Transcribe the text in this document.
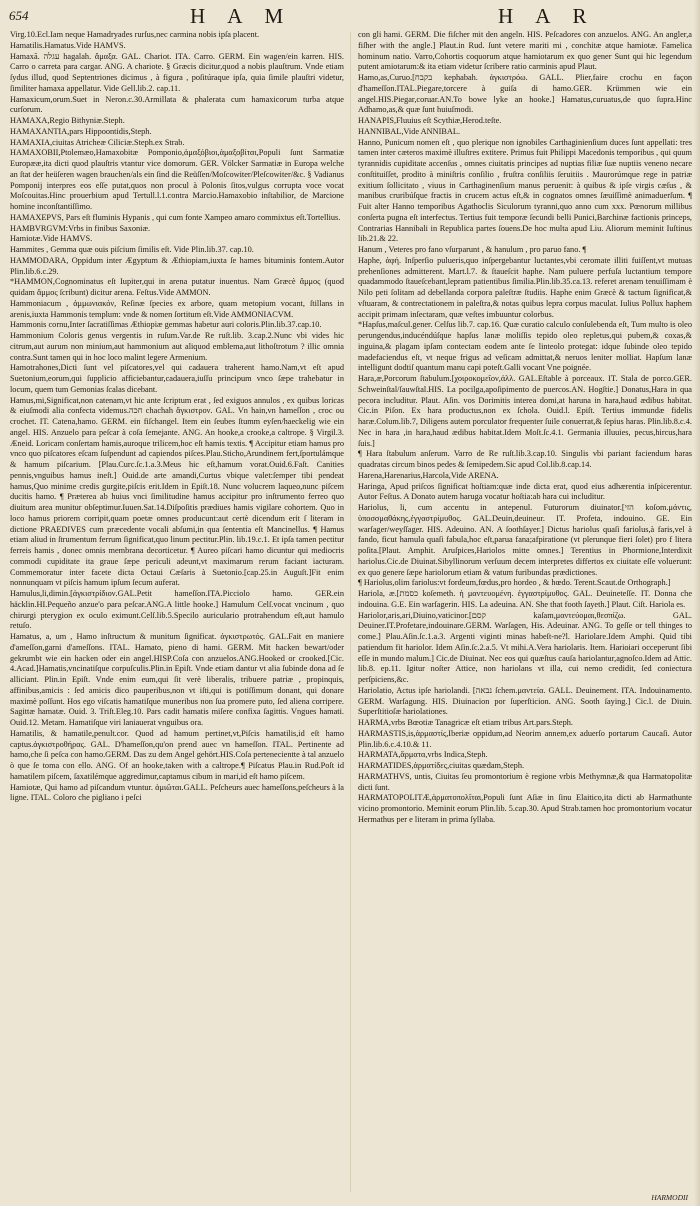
654	H A M	H A R

Virg.10.Ecl.Iam neque Hamadryades rurſus,nec carmina nobis ipſa placent.

Hamatilis.Hamatus.Vide HAMVS.

Hamaxā. עגלה hagalah. ἅμαξα. GAL. Chariot. ITA. Carro. GERM. Ein wagen/ein karren. HIS. Carro o carreta para cargar. ANG. A chariote. § Græcis dicitur,quod a nobis plauſtrum. Vnde etiam ſydus illud, quod Septentriones dicimus , à figura , poſitúraque ipſa, quia ſimile plauſtri videtur, ſimiliter hamaxa appellatur. Vide Gell.lib.2. cap.11.

Hamaxicum,orum.Suet in Neron.c.30.Armillata & phalerata cum hamaxicorum turba atque curſorum.

HAMAXA,Regio Bithyniæ.Steph.

HAMAXANTIA,pars Hippoontidis,Steph.

HAMAXIA,ciuitas Atricheæ Ciliciæ.Steph.ex Strab.

HAMAXOBII,Ptolemæo,Hamaxobitæ Pomponio,ἁμαξόβιοι,ἁμαξοβίται,Populi ſunt Sarmatiæ Europææ,ita dicti quod plauſtris vtantur vice domorum. GER. Völcker Sarmatiæ in Europa welche an ſtat der heüſeren wagen brauchen/als ein ſind die Reüſſen/Moſcowiter/Pleſcowiter/&c. § Vadianus Pomponij interpres eos eſſe putat,quos non procul à Polonis ſitos,vulgus corrupta voce vocat Moſcouitas.Hinc prouerbium apud Tertull.l.1.contra Marcio.Hamaxobio inſtabilior, de Marcione homine inconſtantiſſimo.

HAMAXEPVS, Pars eſt fluminis Hypanis , qui cum fonte Xampeo amaro commixtus eſt.Tortellius.

HAMBVRGVM:Vrbs in finibus Saxoniæ.

Hamiotæ.Vide HAMVS.

Hammites , Gemma quæ ouis piſcium ſimilis eſt. Vide Plin.lib.37. cap.10.

HAMMODARA, Oppidum inter Ægyptum & Æthiopiam,iuxta ſe hames bituminis fontem.Autor Plin.lib.6.c.29.

*HAMMON,Cognominatus eſt Iupiter,qui in arena putatur inuentus. Nam Græcè ἄμμος (quod quidam ἄμμος ſcribunt) dicitur arena. Feſtus.Vide AMMON.

Hammoniacum , ἀμμωνιακόν, Reſinæ ſpecies ex arbore, quam metopium vocant, ſtillans in arenis,iuxta Hammonis templum: vnde & nomen ſortitum eſt.Vide AMMONIACVM.

Hammonis cornu,Inter ſacratiſſimas Æthiopiæ gemmas habetur auri coloris.Plin.lib.37.cap.10.

Hammonium Coloris genus vergentis in ruſum.Var.de Re ruſt.lib. 3.cap.2.Nunc vbi vides hic citrum,aut aurum non minium,aut hammonium aut aliquod emblema,aut lithoſtrotum ? illic omnia contra.Sunt tamen qui in hoc loco malint legere Armenium.

Hamotrahones,Dicti ſunt vel piſcatores,vel qui cadauera traherent hamo.Nam,vt eſt apud Suetonium,eorum,qui ſupplicio afficiebantur,cadauera,iuſſu principum vnco ſæpe trahebatur in locum, quem tum Gemonias ſcalas dicebant.

Hamus,mi,Significat,non catenam,vt hic ante ſcriptum erat , ſed exiguos annulos , ex quibus loricas & eiuſmodi alia confecta videmus.חכה chachah ἄγκιστρον. GAL. Vn hain,vn hameſſon , croc ou crochet. IT. Catena,hamo. GERM. ein fiſchangel. Item ein ſeubes ſtumm eyſen/haeckelig wie ein angel. HIS. Anzuelo para peſcar à coſa ſemejante. ANG. An hooke,a crooke,a caltrope. § Virgil.3. Æneid. Loricam conſertam hamis,auroque trilicem,hoc eſt hamis textis. ¶ Accipitur etiam hamus pro vnco quo piſcatores eſcam ſuſpendunt ad capiendos piſces.Plau.Sticho,Arundinem fert,ſportulámque & hamum piſcarium. [Plau.Curc.ſc.1.a.3.Meus hic eſt,hamum vorat.Ouid.6.Faſt. Canities pennis,vnguibus hamus ineſt.] Ouid.de arte amandi,Curtus vbique valet:ſemper tibi pendeat hamus,Quo minime credis gurgite,piſcis erit.Idem in Epiſt.18. Nunc volucrem laqueo,nunc piſcem ducitis hamo. ¶ Præterea ab huius vnci ſimilitudine hamus accipitur pro inſtrumento ferreo quo diuitum area munitur obſeptimur.Iuuen.Sat.14.Diſpoſitis prædiues hamis vigilare cohortem. Quo in loco hamus priorem corripit,quam poetæ omnes producunt:aut certè dicendum erit ſ literam in dictione PRAEDIVES cum præcedente vocali abſumi,in qua ſententia eſt Mancinellus. ¶ Hamus etiam aliud in ſtrumentum ferrum ſignificat,quo linum pectitur.Plin. lib.19.c.1. Et ipſa tamen pectitur ferreis hamis , donec omnis membrana decorticetur. ¶ Aureo piſcari hamo dicuntur qui mediocris commodi cupiditate ita graue ſæpe periculi adeunt,vt maximarum rerum faciant iacturam. Commemoratur inter facete dicta Octaui Cæſaris à Suetonio.[cap.25.in Auguſt.]Fit enim nonnunquam vt piſcis hamum ipſum ſecum auferat.

Hamulus,li,dimin.[ἀγκιστρίδιον.GAL.Petit hameſſon.ITA.Picciolo hamo. GER.ein häcklin.HI.Pequeño anzue'o para peſcar.ANG.A little hooke.] Hamulum Celſ.vocat vncinum , quo chirurgi pterygion ex oculo eximunt.Celſ.lib.5.Specilo auriculario protrahendum eſt,aut hamulo retuſo.

Hamatus, a, um , Hamo inſtructum & munitum ſignificat. ἀγκιστρωτός. GAL.Fait en maniere d'ameſſon,garni d'ameſſons. ITAL. Hamato, pieno di hami. GERM. Mit hacken bewart/oder gekrumbt wie ein hacken oder ein angel.HISP.Coſa con anzuelos.ANG.Hooked or crooked.[Cic. 4.Acad.]Hamatis,vncinatiſque corpuſculis.Plin.in Epiſt. Vnde etiam dantur vt alia ſubinde dona ad ſe alliciant. Plin.in Epiſt. Vnde enim eum,qui ſit verè liberalis, tribuere patriæ , propinquis, affinibus,amicis : ſed amicis dico pauperibus,non vt iſti,qui is potiſſimum donant, qui donare maximè poſſunt. Hos ego viſcatis hamatiſque muneribus non ſua promere puto, ſed aliena corripere. Sagittæ hamatæ. Ouid. 3. Triſt.Eleg.10. Pars cadit hamatis miſere confixa ſagittis. Vngues hamati. Ouid.12. Metam. Hamatiſque viri laniauerat vnguibus ora.

Hamatilis, & hamatile,penult.cor. Quod ad hamum pertinet,vt,Piſcis hamatilis,id eſt hamo captus.ἀγκιστροθήρας. GAL. D'hameſſon,qu'on prend auec vn hameſſon. ITAL. Pertinente ad hamo,che ſi peſca con hamo.GERM. Das zu dem Angel gehört.HIS.Coſa pertenecientte à tal anzuelo ò que ſe toma con ello. ANG. Of an hooke,taken with a caltrope.¶ Piſcatus Plau.in Rud.Poſt id hamatilem piſcem, ſaxatilémque aggredimur,captamus cibum in mari,id eſt hamo piſcem.

Hamiotæ, Qui hamo ad piſcandum vtuntur. ἁμιῶται.GALL. Peſcheurs auec hameſſons,peſcheurs à la ligne. ITAL. Coloro che pigliano i peſci

con gli hami. GERM. Die fiſcher mit den angeln. HIS. Peſcadores con anzuelos. ANG. An angler,a fiſher with the angle.] Plaut.in Rud. ſunt vetere mariti mi , conchitæ atque hamiotæ. Famelica hominum natio. Varro,Cohortis coquorum atque hamiotarum ex quo gener Sunt qui hic legendum putent amiotarum:& ita etiam videtur ſcribere ratio carminis apud Plaut.

Hamo,as,Curuo.[בקבח kephabah. ἀγκιστρόω. GALL. Plier,faire crochu en façon d'hameſſon.ITAL.Piegare,torcere à guiſa di hamo.GER. Krümmen wie ein angel.HIS.Piegar,coruar.AN.To bowe lyke an hooke.] Hamatus,curuatus,de quo ſupra.Hinc Adhamo,as,& quæ ſunt huiuſmodi.

HANAPIS,Fluuius eſt Scythiæ,Herod.teſte.

HANNIBAL,Vide ANNIBAL.

Hanno, Punicum nomen eſt , quo plerique non ignobiles Carthaginienſium duces ſunt appellati: tres tamen inter cæteros maximè illuſtres extitere. Primus fuit Philippi Macedonis temporibus , qui quum tyrannidis cupiditate accenſus , omnes ciuitatis principes ad nuptias filiæ ſuæ nuptiis veneno necare conſtituiſſet, prodito à miniſtris conſilio , fruſtra conſiliis ſeruitiis . Maurorúmque rege in patriæ exitium ſollicitato , viuus in Carthaginenſium manus peruenit: à quibus & ipſe virgis cæſus , & manibus cruribúſque fractis in crucem actus eſt,& in cognatos omnes ſæuiſſimè animaduerſum. ¶ Fuit alter Hanno temporibus Agathoclis Siculorum tyranni,quo anno cum xxx. Pœnorum millibus conſerta pugna eſt interfectus. Tertius fuit temporæ ſecundi belli Punici,Barchinæ factionis princeps, Contrarias Hannibali in Republica partes ſouens.De hoc multa apud Liu. Aliorum meminit Iuſtinus lib.21.& 22.

Hanum , Veteres pro fano vſurparunt , & hanulum , pro paruo fano. ¶

Haphe, ἁφή. Inſperſio pulueris,quo inſpergebantur luctantes,vbi ceromate illiti fuiſſent,vt mutuas prehenſiones admitterent. Mart.l.7. & ſtaueſcit haphe. Nam puluere perfuſa luctantium tempore quadammodo ſtaueſcebant,lepram patientibus ſimilia.Plin.lib.35.ca.13. referet arenam tenuiſſimam è Nilo peti ſolitam ad debellanda corpora paleſtræ ſtudiis. Haphe enim Græcè & tactum ſignificat,& vſtuaram, & contrectationem in paleſtra,& notas quibus lepra corpus maculat. Iulius Pollux haphem accipit primam inſectaram, quæ veſtes imbuuntur colorbus.

*Hapſus,maſcul.gener. Celſus lib.7. cap.16. Quæ curatio calculo conſulebenda eſt, Tum multo is oleo perungendus,inducéndúſque hapſus lanæ moliſſis tepido oleo repletus,qui pubem,& coxas,& inguina,& plagam ipſam contectam eodem ante ſe linteolo protegat: idque ſubinde oleo tepido madefaciendus eſt, vt neque frigus ad veſicam admittat,& neruos leniter molliat. Hapſum lanæ intelligunt dodtiſ quantum manu capi poteſt.Galli vocant Vne poignée.

Hara,æ,Porcorum ſtabulum.[χοιροκομεῖον,ἀλλ. GAL.Eſtable à porceaux. IT. Stala de porco.GER. Schweinſtal/ſauwſtal.HIS. La pocilga,apoſipimento de puercos.AN. Hogſtie.] Donatus,Hara in qua pecora includitur. Plaut. Aſin. vos Dorimitis interea domi,at haruna in hara,haud ædibus habitat. Cic.in Piſon. Ex hara productus,non ex ſchola. Ouid.l. Epiſt. Tertius immundæ fidelis haræ.Colum.lib.7, Diligens autem porculator frequenter ſuile conuerrat,& ſepius haras. Plin.lib.8.c.4. Nec in hara ,in hara,haud ædibus habitat.Idem Moſt.ſc.4.1. Germania illuuies, pecus,hircus,hara ſuis.]

¶ Hara ſtabulum anſerum. Varro de Re ruſt.lib.3.cap.10. Singulis vbi pariant faciendum haras quadratas circum binos pedes & ſemipedem.Sic apud Col.lib.8.cap.14.

Harena,Harenarius,Harcola,Vide ARENA.

Haringa, Apud priſcos ſignificat hoſtiam:quæ inde dicta erat, quod eius adhærentia inſpicerentur. Autor Feſtus. A Donato autem haruga vocatur hoſtia:ab hara cui includitur.

Hariolus, li, cum accentu in antepenul. Futurorum diuinator.[הזי koſom.μάντις, ὑποσσμαθάκης,ἐγγαστρίμυθος. GAL.Deuin,deuineur. IT. Profeta, indouino. GE. Ein warſager/weyſſager. HIS. Adeuino. AN. A ſoothſayer.] Dictus hariolus quaſi fariolus,à faris,vel à fando, ficut hamula quaſi fabula,hoc eſt,parua fana;afpiratione (vt plerunque fieri ſolet) pro f litera poſita.[Plaut. Amphit. Aruſpices,Hariolos mitte omnes.] Terentius in Phormione,Interdixit hariolus.Cic.de Diuinat.Sibyllinorum verſuum decem interpretes differtos ex ciuitate eſſe voluerunt: ex quo genere ſæpe hariolorum etiam & vatum furibundas prædictiones.

¶ Hariolus,olim fariolus:vt fordeum,fœdus,pro hordeo , & hœdo. Terent.Scaut.de Orthograph.]

Hariola, æ.[כסמת koſemeth. ἡ μαντευομένη. ἐγγαστρίμυθος. GAL. Deuineteſſe. IT. Donna che indouina. G.E. Ein warſagerin. HIS. La adeuina. AN. She that footh ſayeth.] Plaut. Ciſt. Hariola es.

Hariolor,aris,ari,Diuino,vaticinor.[קסם kaſam,μαντεύομαι,θεσπίζω. GAL. Deuiner.IT.Profetare,indouinare.GERM. Warſagen, His. Adeuinar. ANG. To geſſe or tell thinges to come.] Plau.Aſin.ſc.1.a.3. Argenti viginti minas habeſt-ne?l. Hariolare.Idem Amphi. Quid tibi patiendum fit hariolor. Idem Aſin.ſc.2.a.5. Vt mihi.A.Vera hariolaris. Item. Harioiari occeperunt ſibi eſſe in mundo malum.] Cic.de Diuinat. Nec eos qui quæſtus cauſa hariolantur,agnoſco.Idem ad Attic. lib.8. ep.11. Igitur noſter Attice, non hariolans vt illa, cui nemo credidit, ſed coniectura perſpiciens,&c.

Hariolatio, Actus ipſe hariolandi. [נבאה ſchem.μαντεία. GALL. Deuinement. ITA. Indouinamento. GERM. Warſagung. HIS. Diuinacion por ſuperſticion. ANG. Sooth ſaying.] Cic.l. de Diuin. Superſtitioſæ hariolationes.

HARMA,vrbs Bœotiæ Tanagricæ eſt etiam tribus Art.pars.Steph.

HARMASTIS,is,ἁρμαστίς,Iberiæ oppidum,ad Neorim annem,ex aduerſo portarum Caucaſi. Autor Plin.lib.6.c.4.10.& 11.

HARMATA,ἅρματα,vrbs Indica,Steph.

HARMATIDES,ἁρματίδες,ciuitas quædam,Steph.

HARMATHVS, untis, Ciuitas ſeu promontorium è regione vrbis Methymnæ,& qua Harmatopolitæ dicti ſunt.

HARMATOPOLITÆ,ἁρματοπολῖται,Populi ſunt Aſiæ in ſinu Elaitico,ita dicti ab Harmathunte vicino promontorio. Meminit eorum Plin.lib. 5.cap.30. Apud Strab.tamen hoc promontorium vocatur Hermathus per e literam in prima ſyllaba.

HARMODII
